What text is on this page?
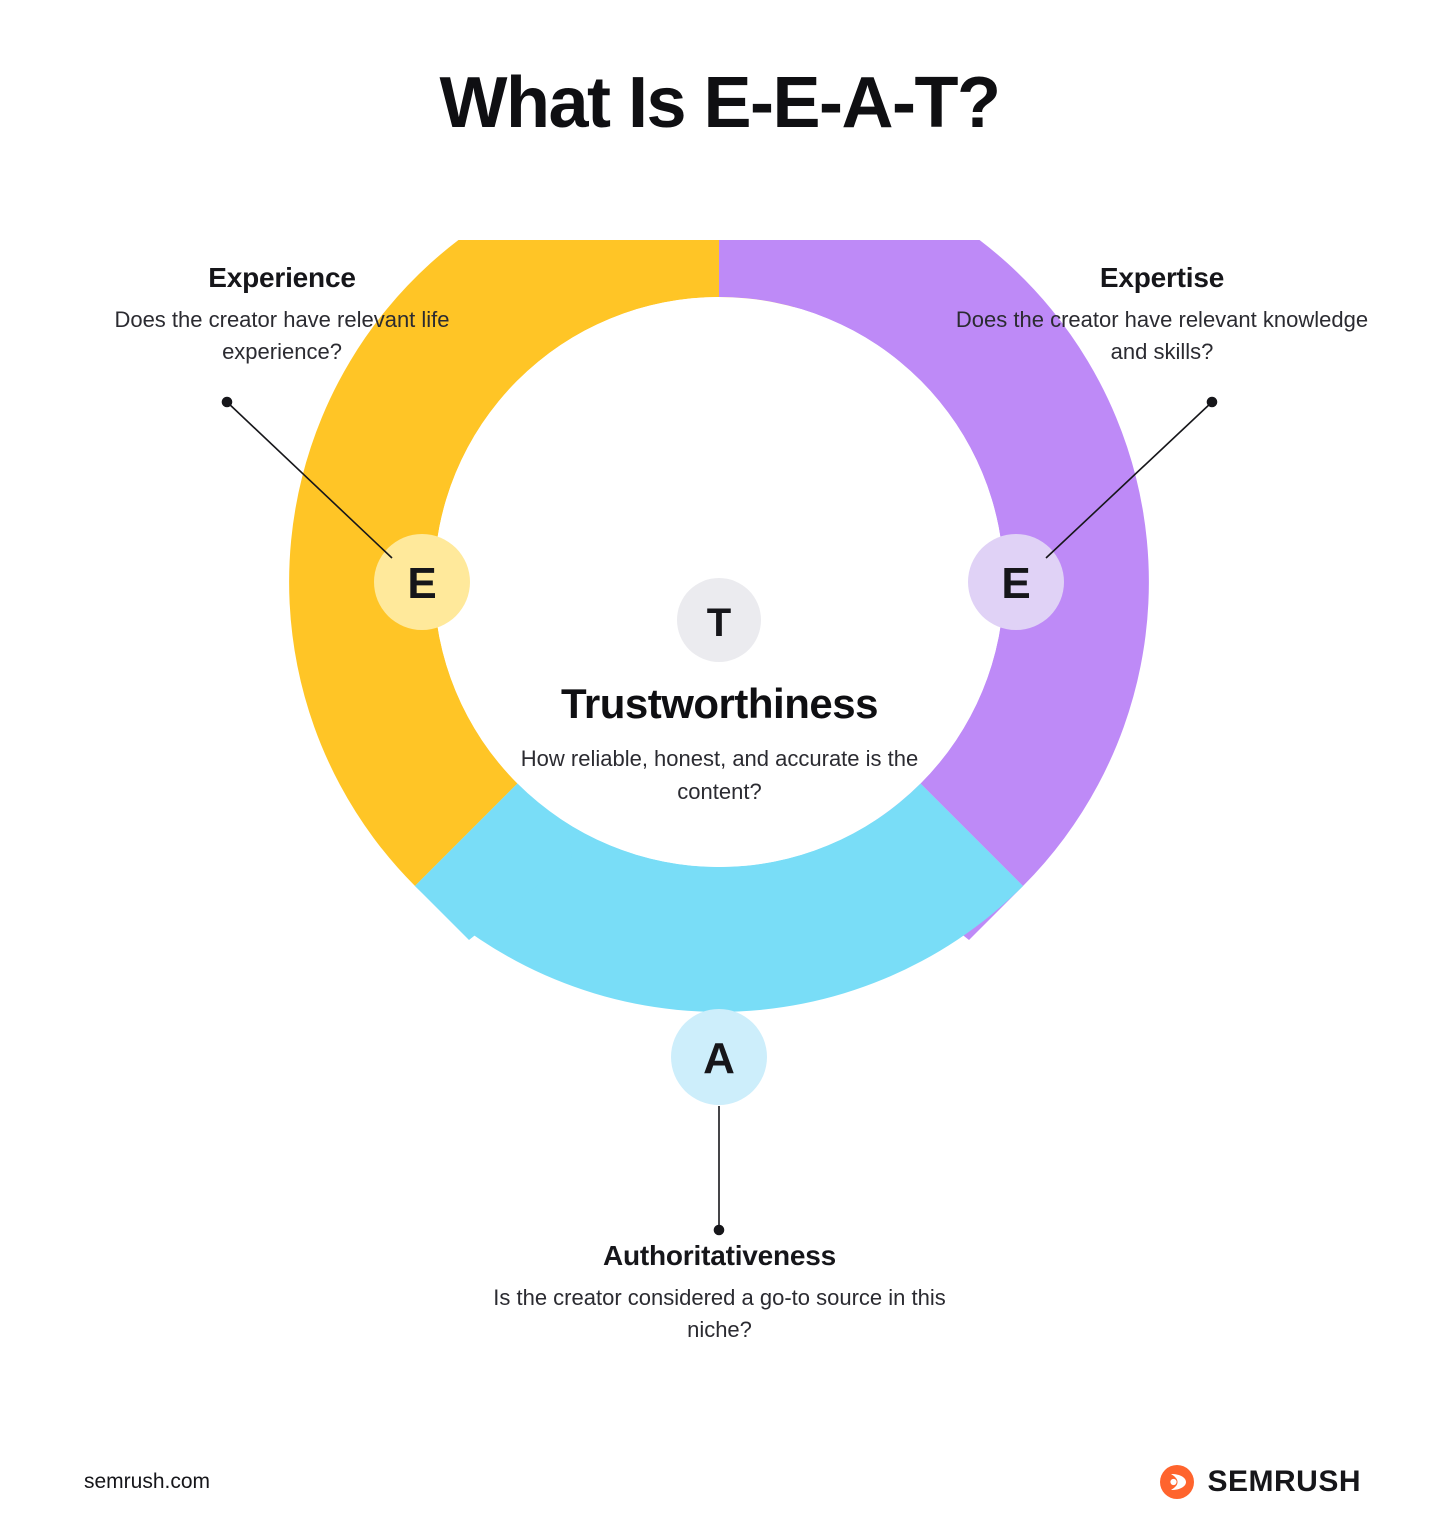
What Is E-E-A-T?
E	E
A
T
Experience
Does the creator have relevant life experience?
Expertise
Does the creator have relevant knowledge and skills?
Authoritativeness
Is the creator considered a go-to source in this niche?
Trustworthiness
How reliable, honest, and accurate is the content?
semrush.com	SEMRUSH
